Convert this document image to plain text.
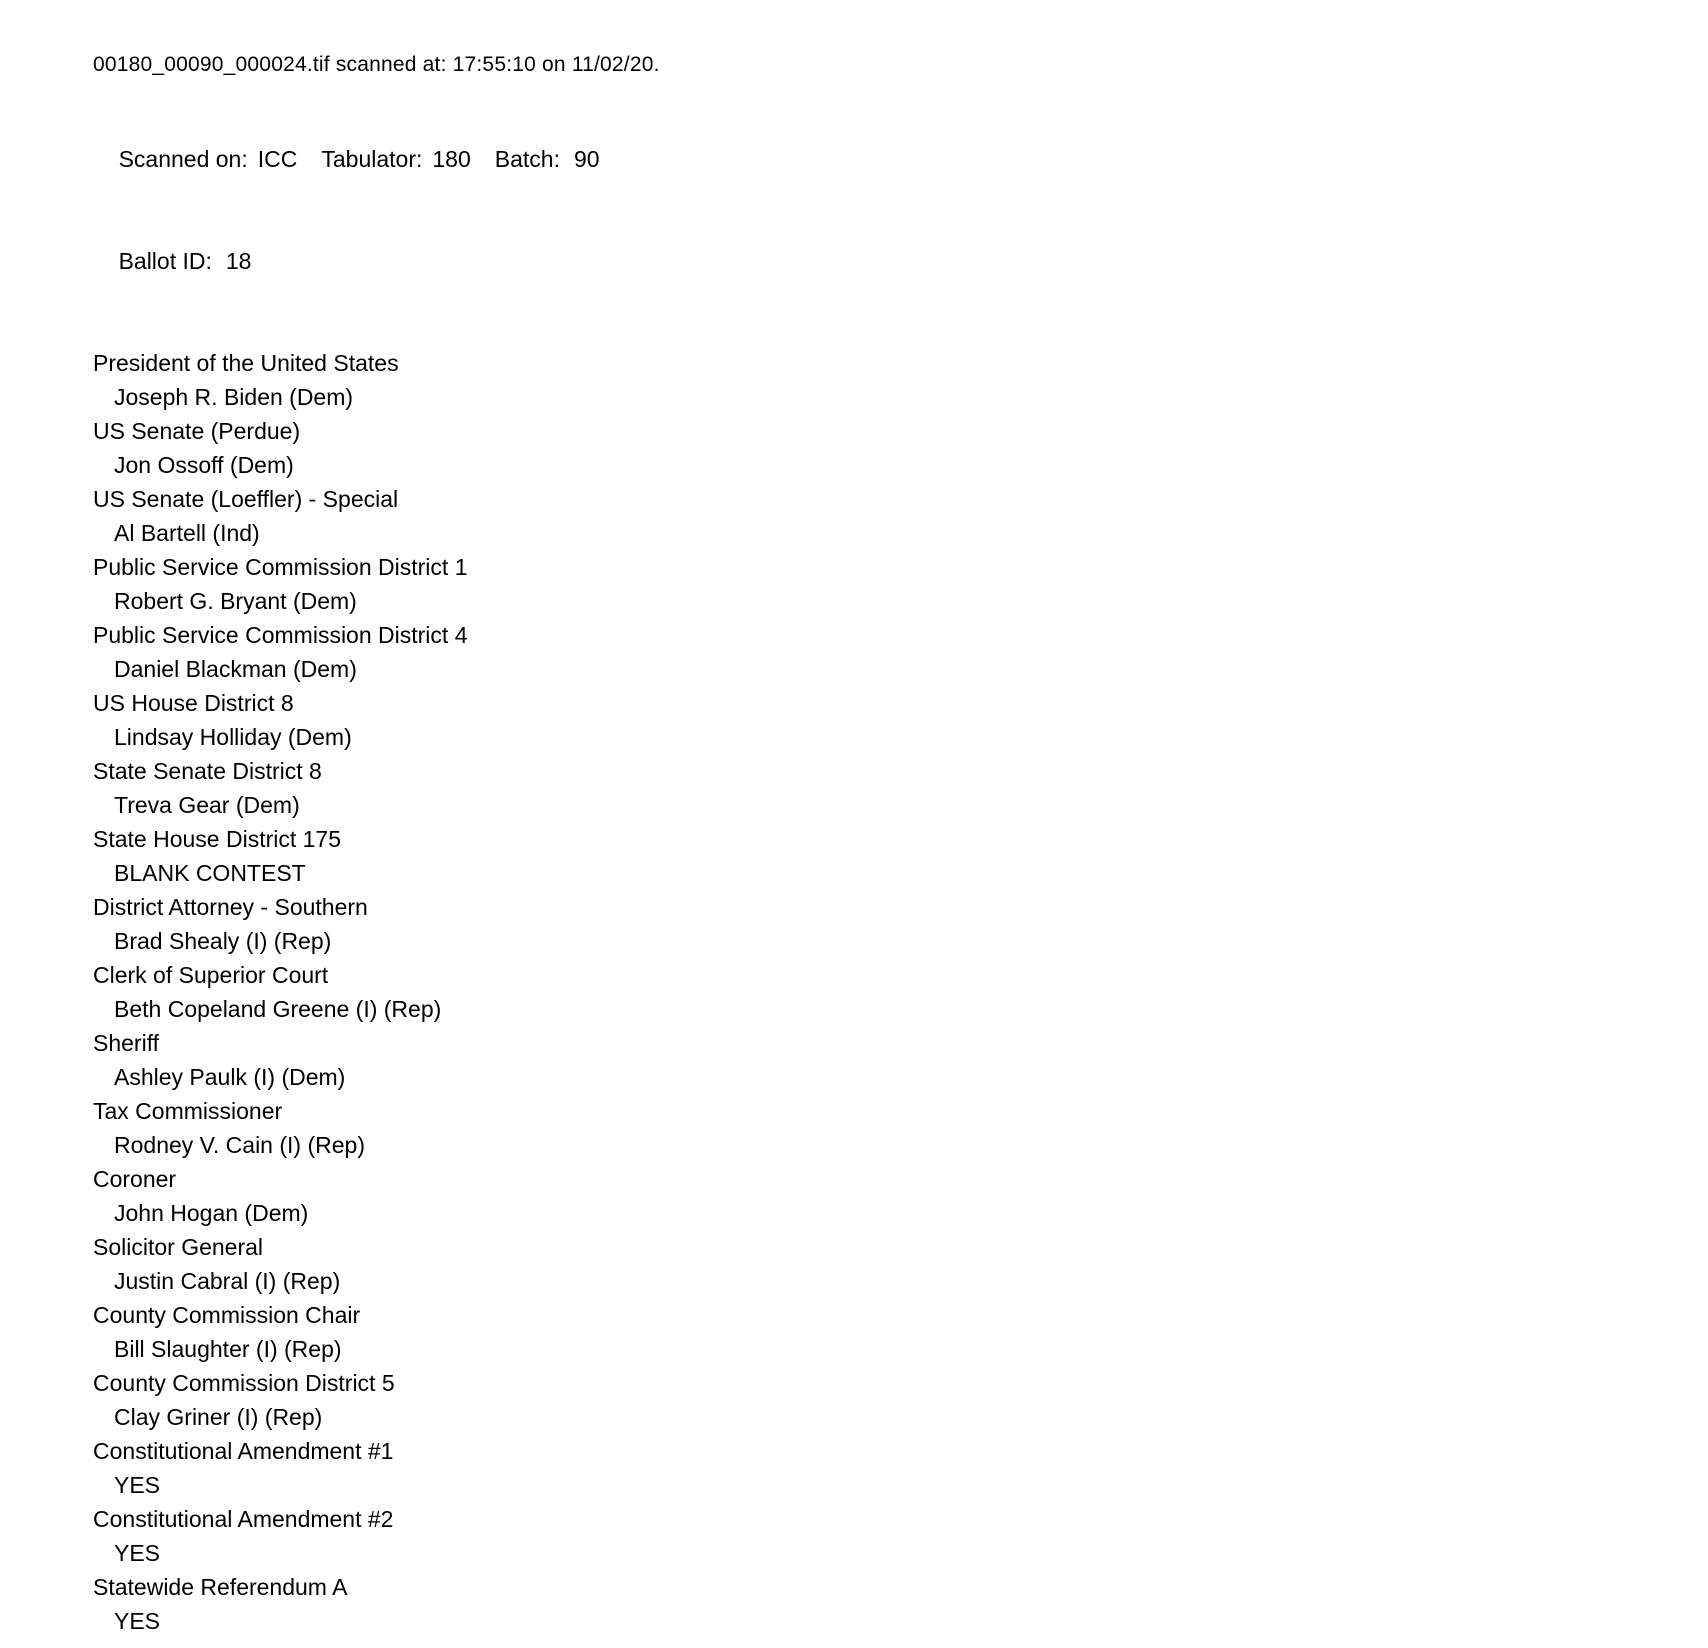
00180_00090_000024.tif scanned at: 17:55:10 on 11/02/20.

Scanned on: ICC Tabulator: 180 Batch: 90

Ballot ID: 18

President of the United States
Joseph R. Biden (Dem)
US Senate (Perdue)
Jon Ossoff (Dem)
US Senate (Loeffler) - Special
Al Bartell (Ind)
Public Service Commission District 1
Robert G. Bryant (Dem)
Public Service Commission District 4
Daniel Blackman (Dem)
US House District 8
Lindsay Holliday (Dem)
State Senate District 8
Treva Gear (Dem)
State House District 175
BLANK CONTEST
District Attorney - Southern
Brad Shealy (I) (Rep)
Clerk of Superior Court
Beth Copeland Greene (I) (Rep)
Sheriff
Ashley Paulk (I) (Dem)
Tax Commissioner
Rodney V. Cain (I) (Rep)
Coroner
John Hogan (Dem)
Solicitor General
Justin Cabral (I) (Rep)
County Commission Chair
Bill Slaughter (I) (Rep)
County Commission District 5
Clay Griner (I) (Rep)
Constitutional Amendment #1
YES
Constitutional Amendment #2
YES
Statewide Referendum A
YES
